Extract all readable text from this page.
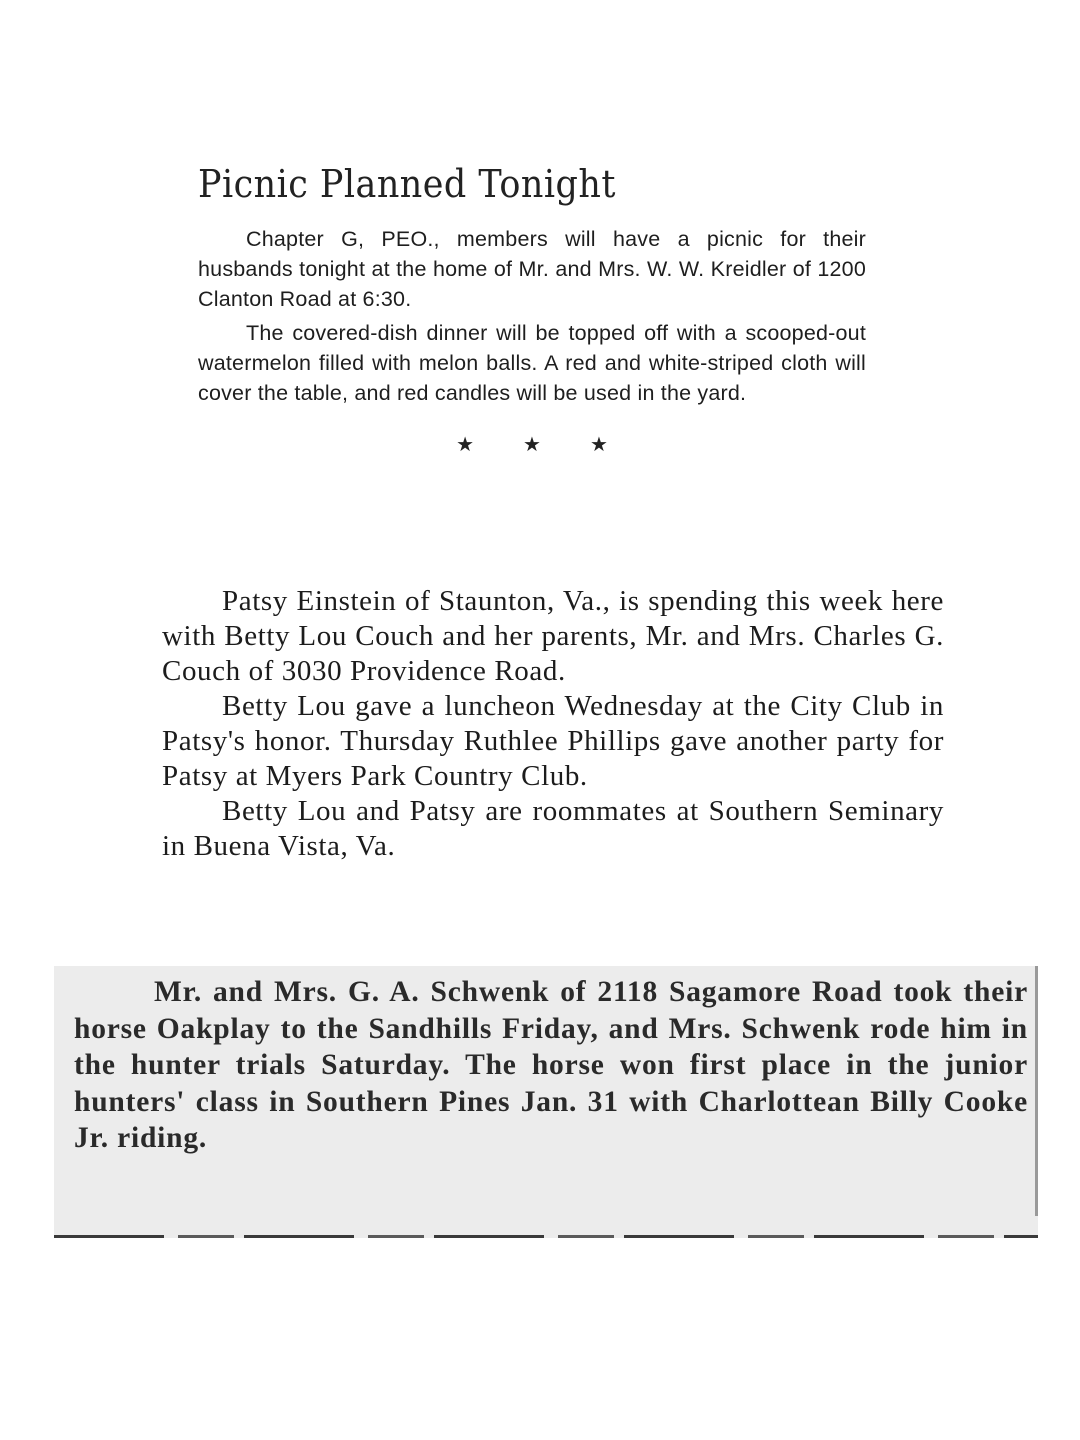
Picnic Planned Tonight

Chapter G, PEO., members will have a picnic for their husbands tonight at the home of Mr. and Mrs. W. W. Kreidler of 1200 Clanton Road at 6:30.

The covered-dish dinner will be topped off with a scooped-out watermelon filled with melon balls. A red and white-striped cloth will cover the table, and red candles will be used in the yard.

★ ★ ★

Patsy Einstein of Staunton, Va., is spending this week here with Betty Lou Couch and her parents, Mr. and Mrs. Charles G. Couch of 3030 Providence Road.

Betty Lou gave a luncheon Wednesday at the City Club in Patsy's honor. Thursday Ruthlee Phillips gave another party for Patsy at Myers Park Country Club.

Betty Lou and Patsy are roommates at Southern Seminary in Buena Vista, Va.

Mr. and Mrs. G. A. Schwenk of 2118 Sagamore Road took their horse Oakplay to the Sandhills Friday, and Mrs. Schwenk rode him in the hunter trials Saturday. The horse won first place in the junior hunters' class in Southern Pines Jan. 31 with Charlottean Billy Cooke Jr. riding.
